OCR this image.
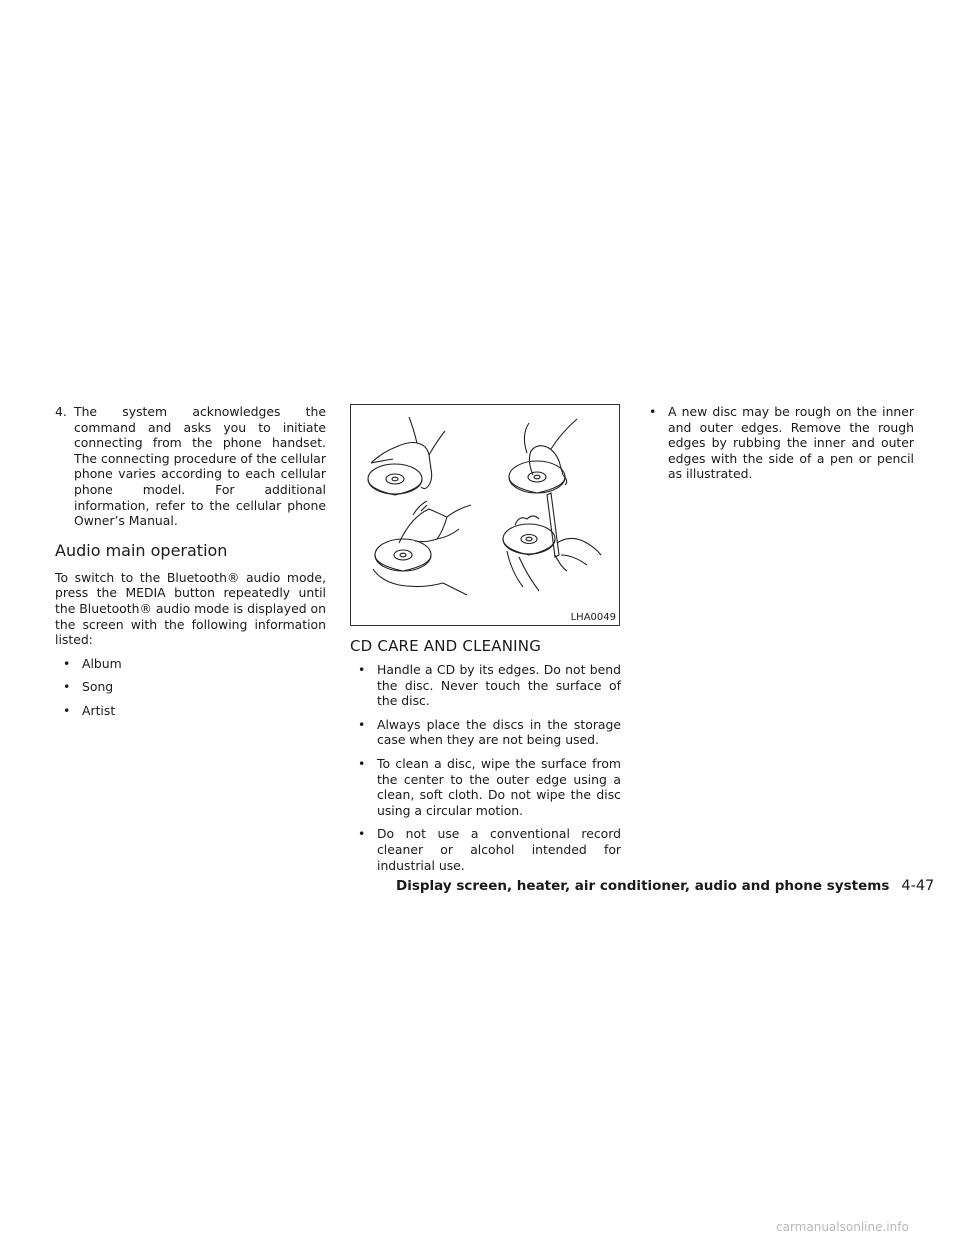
4. The system acknowledges the command and asks you to initiate connecting from the phone handset. The connecting procedure of the cellular phone varies according to each cellular phone model. For additional information, refer to the cellular phone Owner’s Manual.
Audio main operation
To switch to the Bluetooth® audio mode, press the MEDIA button repeatedly until the Bluetooth® audio mode is displayed on the screen with the following information listed:
• Album
• Song
• Artist
LHA0049
CD CARE AND CLEANING
• Handle a CD by its edges. Do not bend the disc. Never touch the surface of the disc.
• Always place the discs in the storage case when they are not being used.
• To clean a disc, wipe the surface from the center to the outer edge using a clean, soft cloth. Do not wipe the disc using a circular motion.
• Do not use a conventional record cleaner or alcohol intended for industrial use.
• A new disc may be rough on the inner and outer edges. Remove the rough edges by rubbing the inner and outer edges with the side of a pen or pencil as illustrated.
Display screen, heater, air conditioner, audio and phone systems 4-47
carmanualsonline.info
